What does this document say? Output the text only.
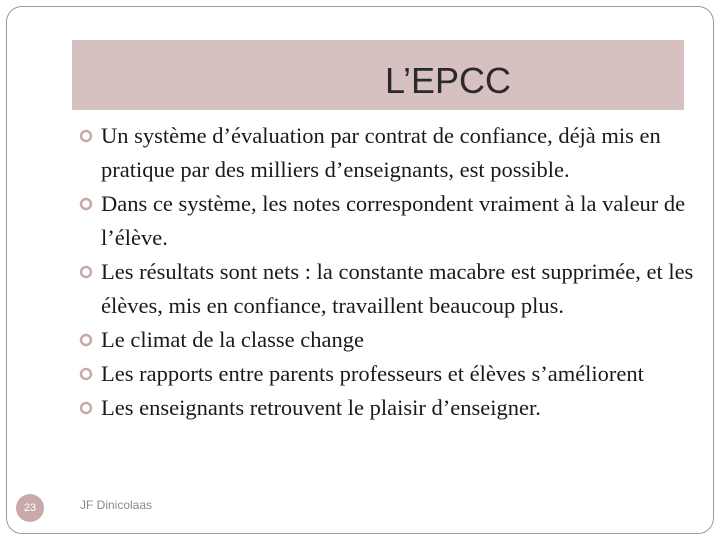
L’EPCC
Un système d’évaluation par contrat de confiance, déjà mis en pratique par des milliers d’enseignants, est possible.
Dans ce système, les notes correspondent vraiment à la valeur de l’élève.
Les résultats sont nets : la constante macabre est supprimée, et les élèves, mis en confiance, travaillent beaucoup plus.
Le climat de la classe change
Les rapports entre parents professeurs et élèves s’améliorent
Les enseignants retrouvent le plaisir d’enseigner.
23	JF Dinicolaas
